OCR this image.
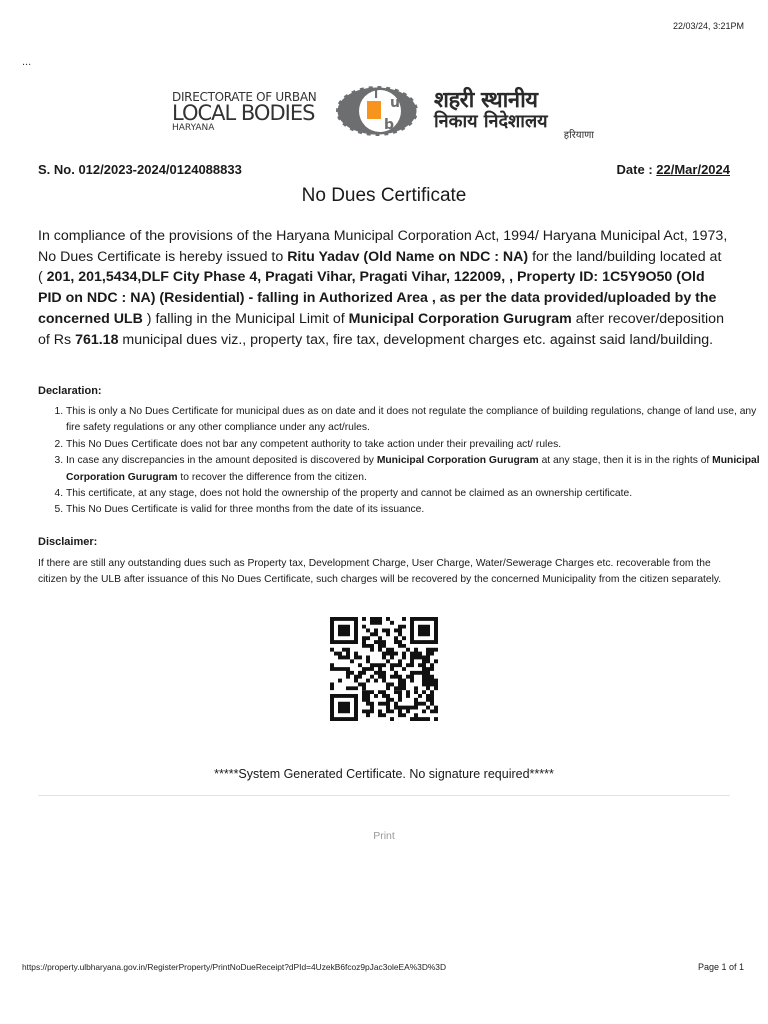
22/03/24, 3:21PM
...
DIRECTORATE OF URBAN
LOCAL BODIES
HARYANA
u
b
l	शहरी स्थानीय
निकाय निदेशालय
हरियाणा
S. No. 012/2023-2024/0124088833	Date : 22/Mar/2024
No Dues Certificate
In compliance of the provisions of the Haryana Municipal Corporation Act, 1994/ Haryana Municipal Act, 1973, No Dues Certificate is hereby issued to Ritu Yadav (Old Name on NDC : NA) for the land/building located at ( 201, 201,5434,DLF City Phase 4, Pragati Vihar, Pragati Vihar, 122009, , Property ID: 1C5Y9O50 (Old PID on NDC : NA) (Residential) - falling in Authorized Area , as per the data provided/uploaded by the concerned ULB ) falling in the Municipal Limit of Municipal Corporation Gurugram after recover/deposition of Rs 761.18 municipal dues viz., property tax, fire tax, development charges etc. against said land/building.
Declaration:
1. This is only a No Dues Certificate for municipal dues as on date and it does not regulate the compliance of building regulations, change of land use, any fire safety regulations or any other compliance under any act/rules.
2. This No Dues Certificate does not bar any competent authority to take action under their prevailing act/ rules.
3. In case any discrepancies in the amount deposited is discovered by Municipal Corporation Gurugram at any stage, then it is in the rights of Municipal Corporation Gurugram to recover the difference from the citizen.
4. This certificate, at any stage, does not hold the ownership of the property and cannot be claimed as an ownership certificate.
5. This No Dues Certificate is valid for three months from the date of its issuance.
Disclaimer:
If there are still any outstanding dues such as Property tax, Development Charge, User Charge, Water/Sewerage Charges etc. recoverable from the citizen by the ULB after issuance of this No Dues Certificate, such charges will be recovered by the concerned Municipality from the citizen separately.
*****System Generated Certificate. No signature required*****
Print
https://property.ulbharyana.gov.in/RegisterProperty/PrintNoDueReceipt?dPId=4UzekB6fcoz9pJac3oleEA%3D%3D	Page 1 of 1
